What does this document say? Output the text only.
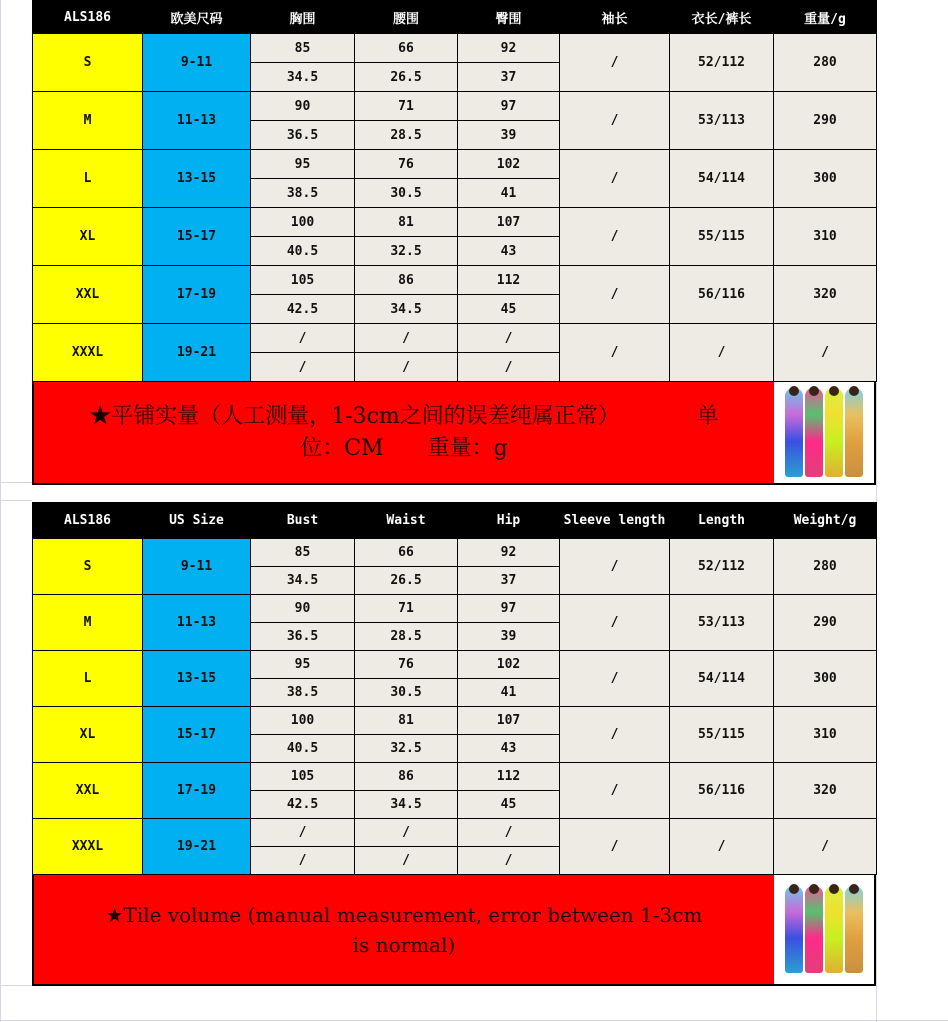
ALS186	欧美尺码	胸围	腰围	臀围	袖长	衣长/裤长	重量/g
S	9-11	85	66	92	/	52/112	280
		34.5	26.5	37			
M	11-13	90	71	97	/	53/113	290
		36.5	28.5	39			
L	13-15	95	76	102	/	54/114	300
		38.5	30.5	41			
XL	15-17	100	81	107	/	55/115	310
		40.5	32.5	43			
XXL	17-19	105	86	112	/	56/116	320
		42.5	34.5	45			
XXXL	19-21	/	/	/	/	/	/
		/	/	/			
★平铺实量（人工测量，1-3cm之间的误差纯属正常）　　　　单
位：CM　　重量：g
ALS186	US Size	Bust	Waist	Hip	Sleeve length	Length	Weight/g
S	9-11	85	66	92	/	52/112	280
		34.5	26.5	37			
M	11-13	90	71	97	/	53/113	290
		36.5	28.5	39			
L	13-15	95	76	102	/	54/114	300
		38.5	30.5	41			
XL	15-17	100	81	107	/	55/115	310
		40.5	32.5	43			
XXL	17-19	105	86	112	/	56/116	320
		42.5	34.5	45			
XXXL	19-21	/	/	/	/	/	/
		/	/	/			
★Tile volume (manual measurement, error between 1-3cm
is normal)
